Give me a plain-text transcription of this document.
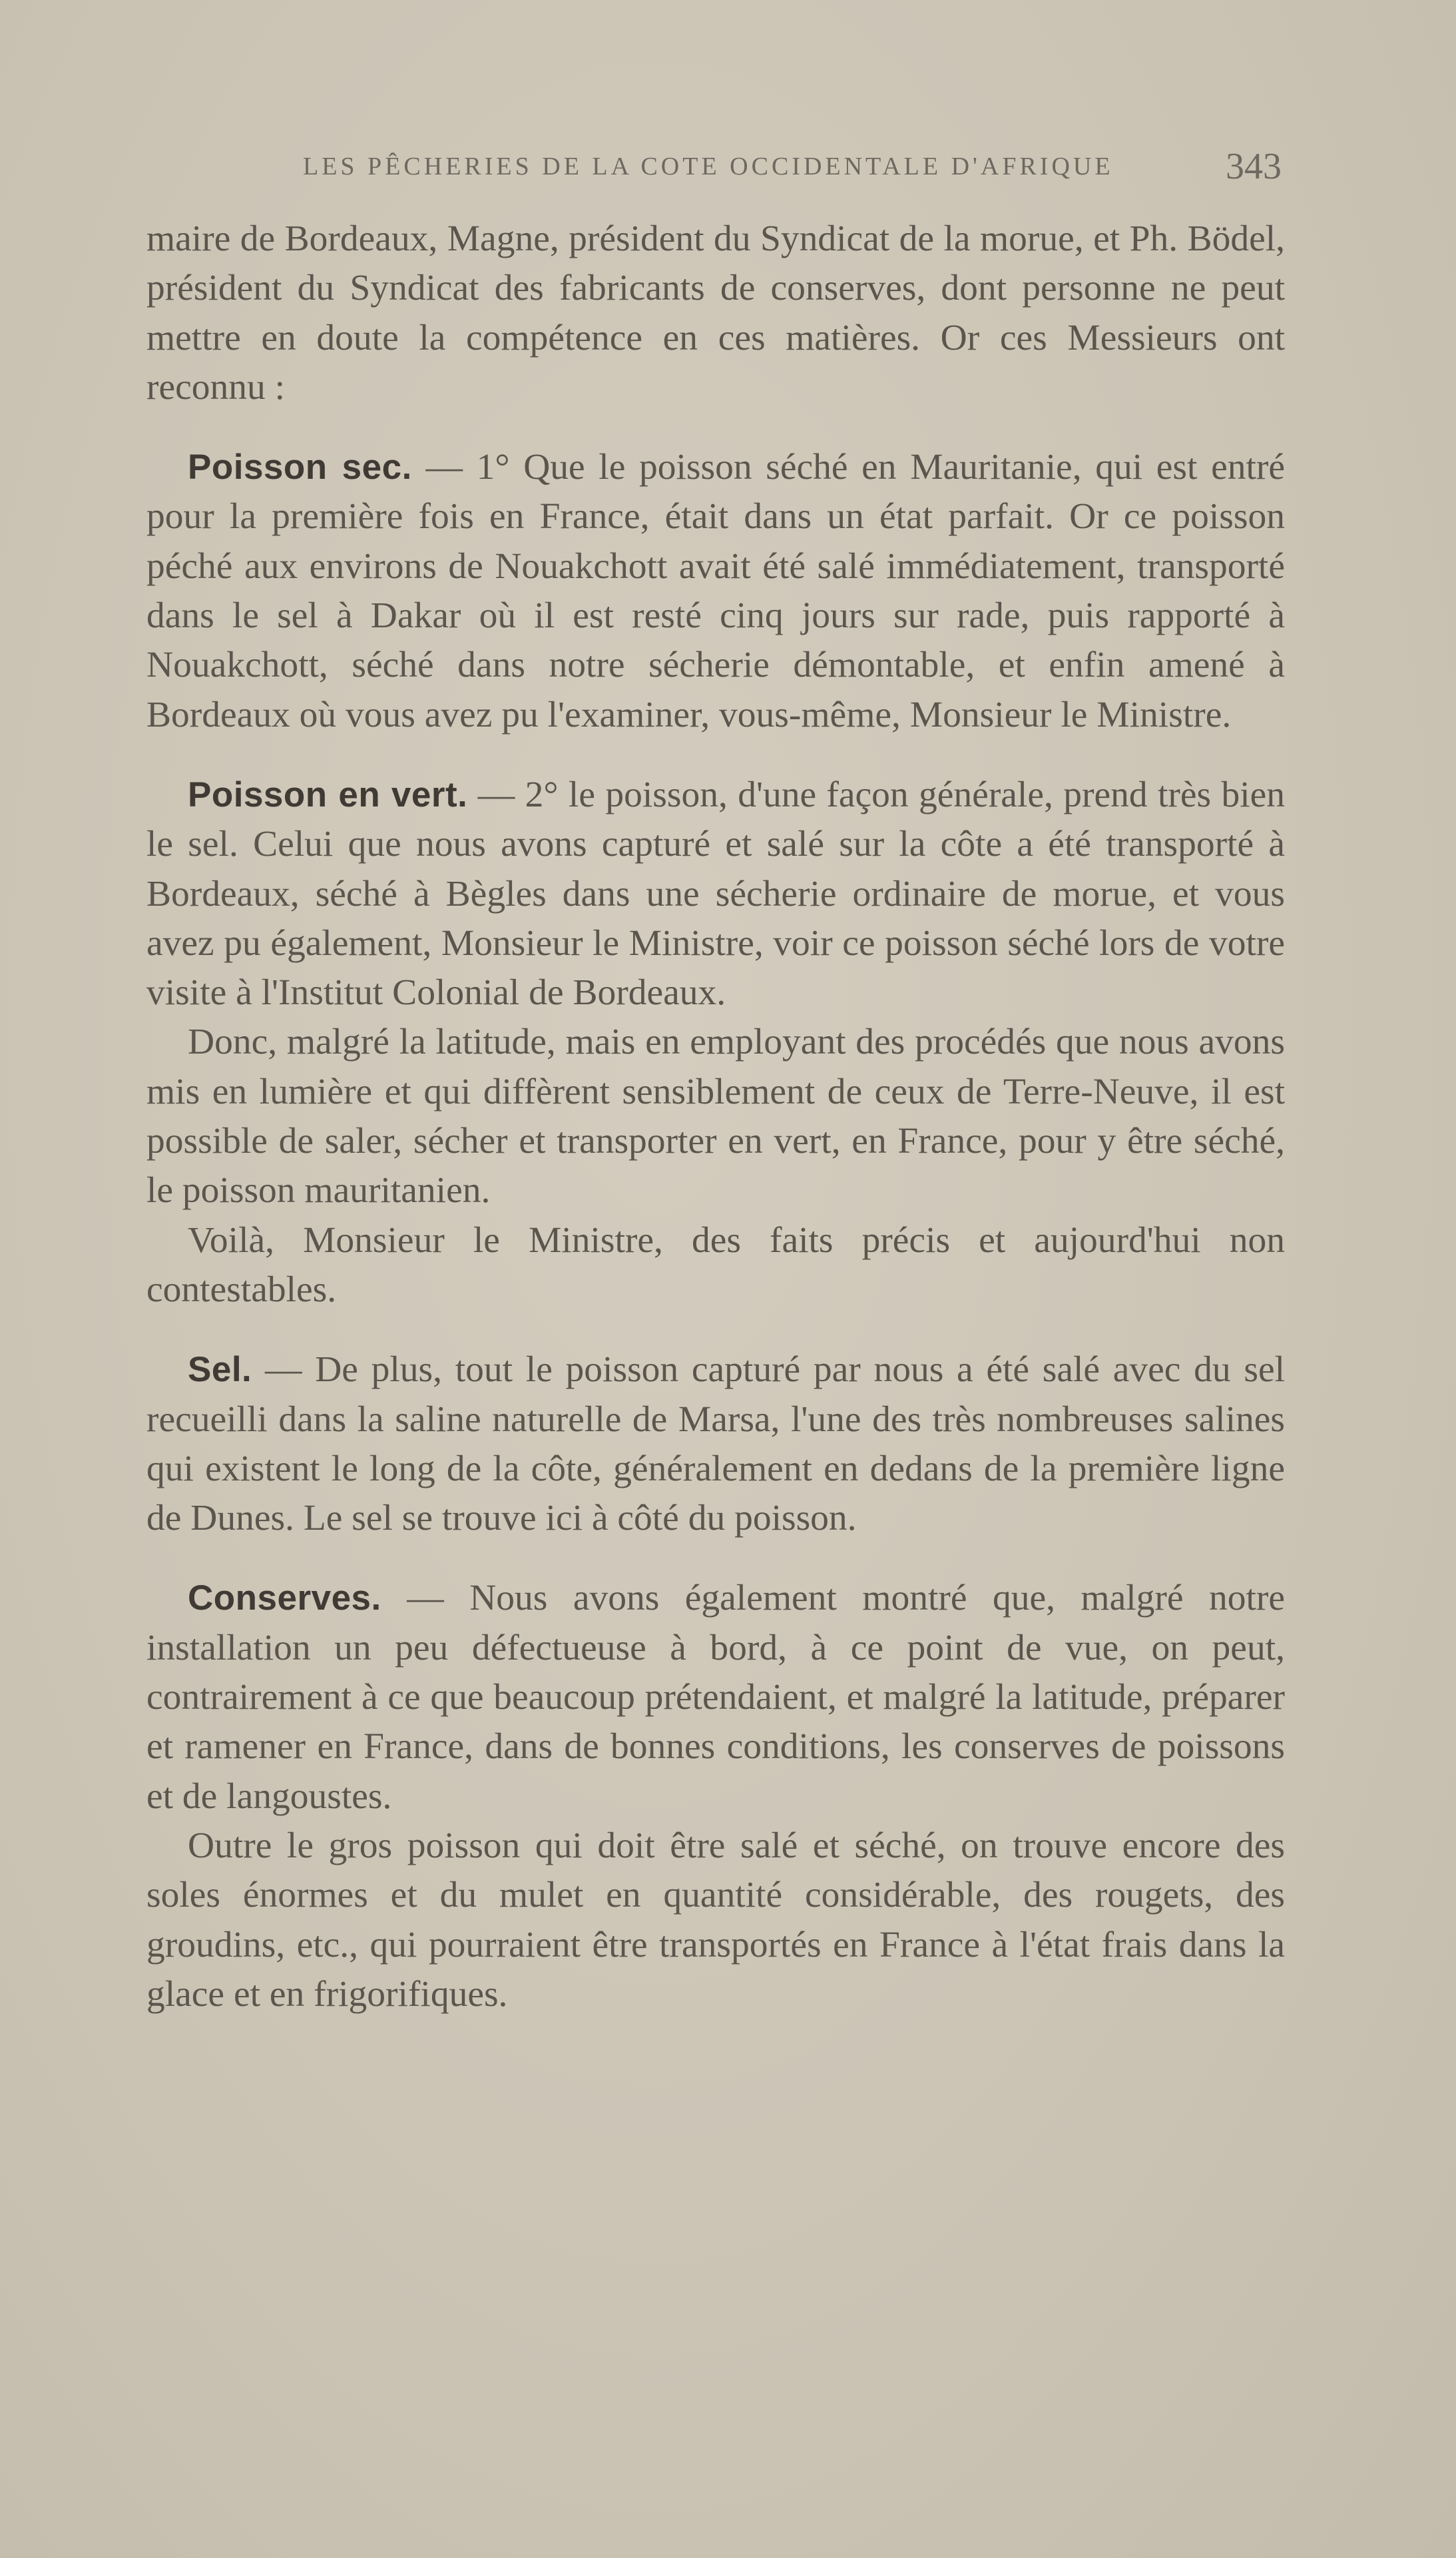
LES PÊCHERIES DE LA COTE OCCIDENTALE D'AFRIQUE	343

maire de Bordeaux, Magne, président du Syndicat de la morue, et Ph. Bödel, président du Syndicat des fabricants de conserves, dont personne ne peut mettre en doute la compétence en ces matières. Or ces Messieurs ont reconnu :

Poisson sec. — 1° Que le poisson séché en Mauritanie, qui est entré pour la première fois en France, était dans un état parfait. Or ce poisson péché aux environs de Nouakchott avait été salé immédiatement, transporté dans le sel à Dakar où il est resté cinq jours sur rade, puis rapporté à Nouakchott, séché dans notre sécherie démontable, et enfin amené à Bordeaux où vous avez pu l'examiner, vous-même, Monsieur le Ministre.

Poisson en vert. — 2° le poisson, d'une façon générale, prend très bien le sel. Celui que nous avons capturé et salé sur la côte a été transporté à Bordeaux, séché à Bègles dans une sécherie ordinaire de morue, et vous avez pu également, Monsieur le Ministre, voir ce poisson séché lors de votre visite à l'Institut Colonial de Bordeaux.

Donc, malgré la latitude, mais en employant des procédés que nous avons mis en lumière et qui diffèrent sensiblement de ceux de Terre-Neuve, il est possible de saler, sécher et transporter en vert, en France, pour y être séché, le poisson mauritanien.

Voilà, Monsieur le Ministre, des faits précis et aujourd'hui non contestables.

Sel. — De plus, tout le poisson capturé par nous a été salé avec du sel recueilli dans la saline naturelle de Marsa, l'une des très nombreuses salines qui existent le long de la côte, généralement en dedans de la première ligne de Dunes. Le sel se trouve ici à côté du poisson.

Conserves. — Nous avons également montré que, malgré notre installation un peu défectueuse à bord, à ce point de vue, on peut, contrairement à ce que beaucoup prétendaient, et malgré la latitude, préparer et ramener en France, dans de bonnes conditions, les conserves de poissons et de langoustes.

Outre le gros poisson qui doit être salé et séché, on trouve encore des soles énormes et du mulet en quantité considérable, des rougets, des groudins, etc., qui pourraient être transportés en France à l'état frais dans la glace et en frigorifiques.
